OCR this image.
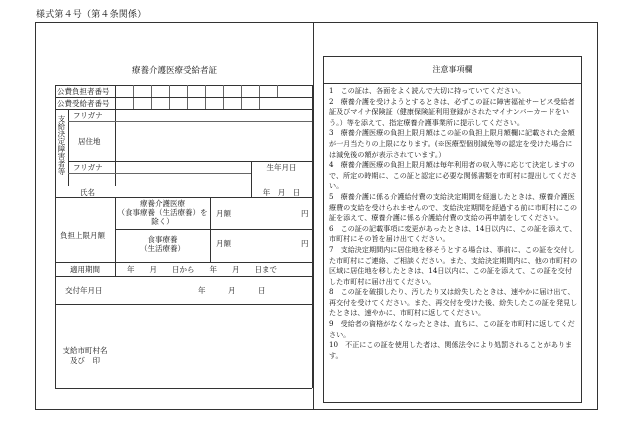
様式第４号（第４条関係）
療養介護医療受給者証
公費負担者番号
公費受給者番号
支給決定障害者等 フリガナ
居住地
フリガナ	生年月日
氏名	年　月　日
負担上限月額
療養介護医療
（食事療養（生活療養）を
除く）
月額	円
食事療養
（生活療養）
月額	円
適用期間	年　　月　　日から　　年　　月　　日まで
交付年月日	年　　　月　　　日
支給市町村名
及び　印
注意事項欄

1　この証は、各面をよく読んで大切に持っていてください。

2　療養介護を受けようとするときは、必ずこの証に障害福祉サービス受給者証及びマイナ保険証（健康保険証利用登録がされたマイナンバーカードをいう。）等を添えて、指定療養介護事業所に提示してください。

3　療養介護医療の負担上限月額はこの証の負担上限月額欄に記載された金額が一月当たりの上限になります。(※医療型個別減免等の認定を受けた場合には減免後の額が表示されています。）

4　療養介護医療の負担上限月額は毎年利用者の収入等に応じて決定しますので、所定の時期に、この証と認定に必要な関係書類を市町村に提出してください。

5　療養介護に係る介護給付費の支給決定期間を経過したときは、療養介護医療費の支給を受けられませんので、支給決定期間を経過する前に市町村にこの証を添えて、療養介護に係る介護給付費の支給の再申請をしてください。

6　この証の記載事項に変更があったときは、14日以内に、この証を添えて、市町村にその旨を届け出てください。

7　支給決定期間内に居住地を移そうとする場合は、事前に、この証を交付した市町村にご連絡、ご相談ください。また、支給決定期間内に、他の市町村の区域に居住地を移したときは、14日以内に、この証を添えて、この証を交付した市町村に届け出てください。

8　この証を破損したり、汚したり又は紛失したときは、速やかに届け出て、再交付を受けてください。また、再交付を受けた後、紛失したこの証を発見したときは、速やかに、市町村に返してください。

9　受給者の資格がなくなったときは、直ちに、この証を市町村に返してください。

10　不正にこの証を使用した者は、関係法令により処罰されることがあります。
